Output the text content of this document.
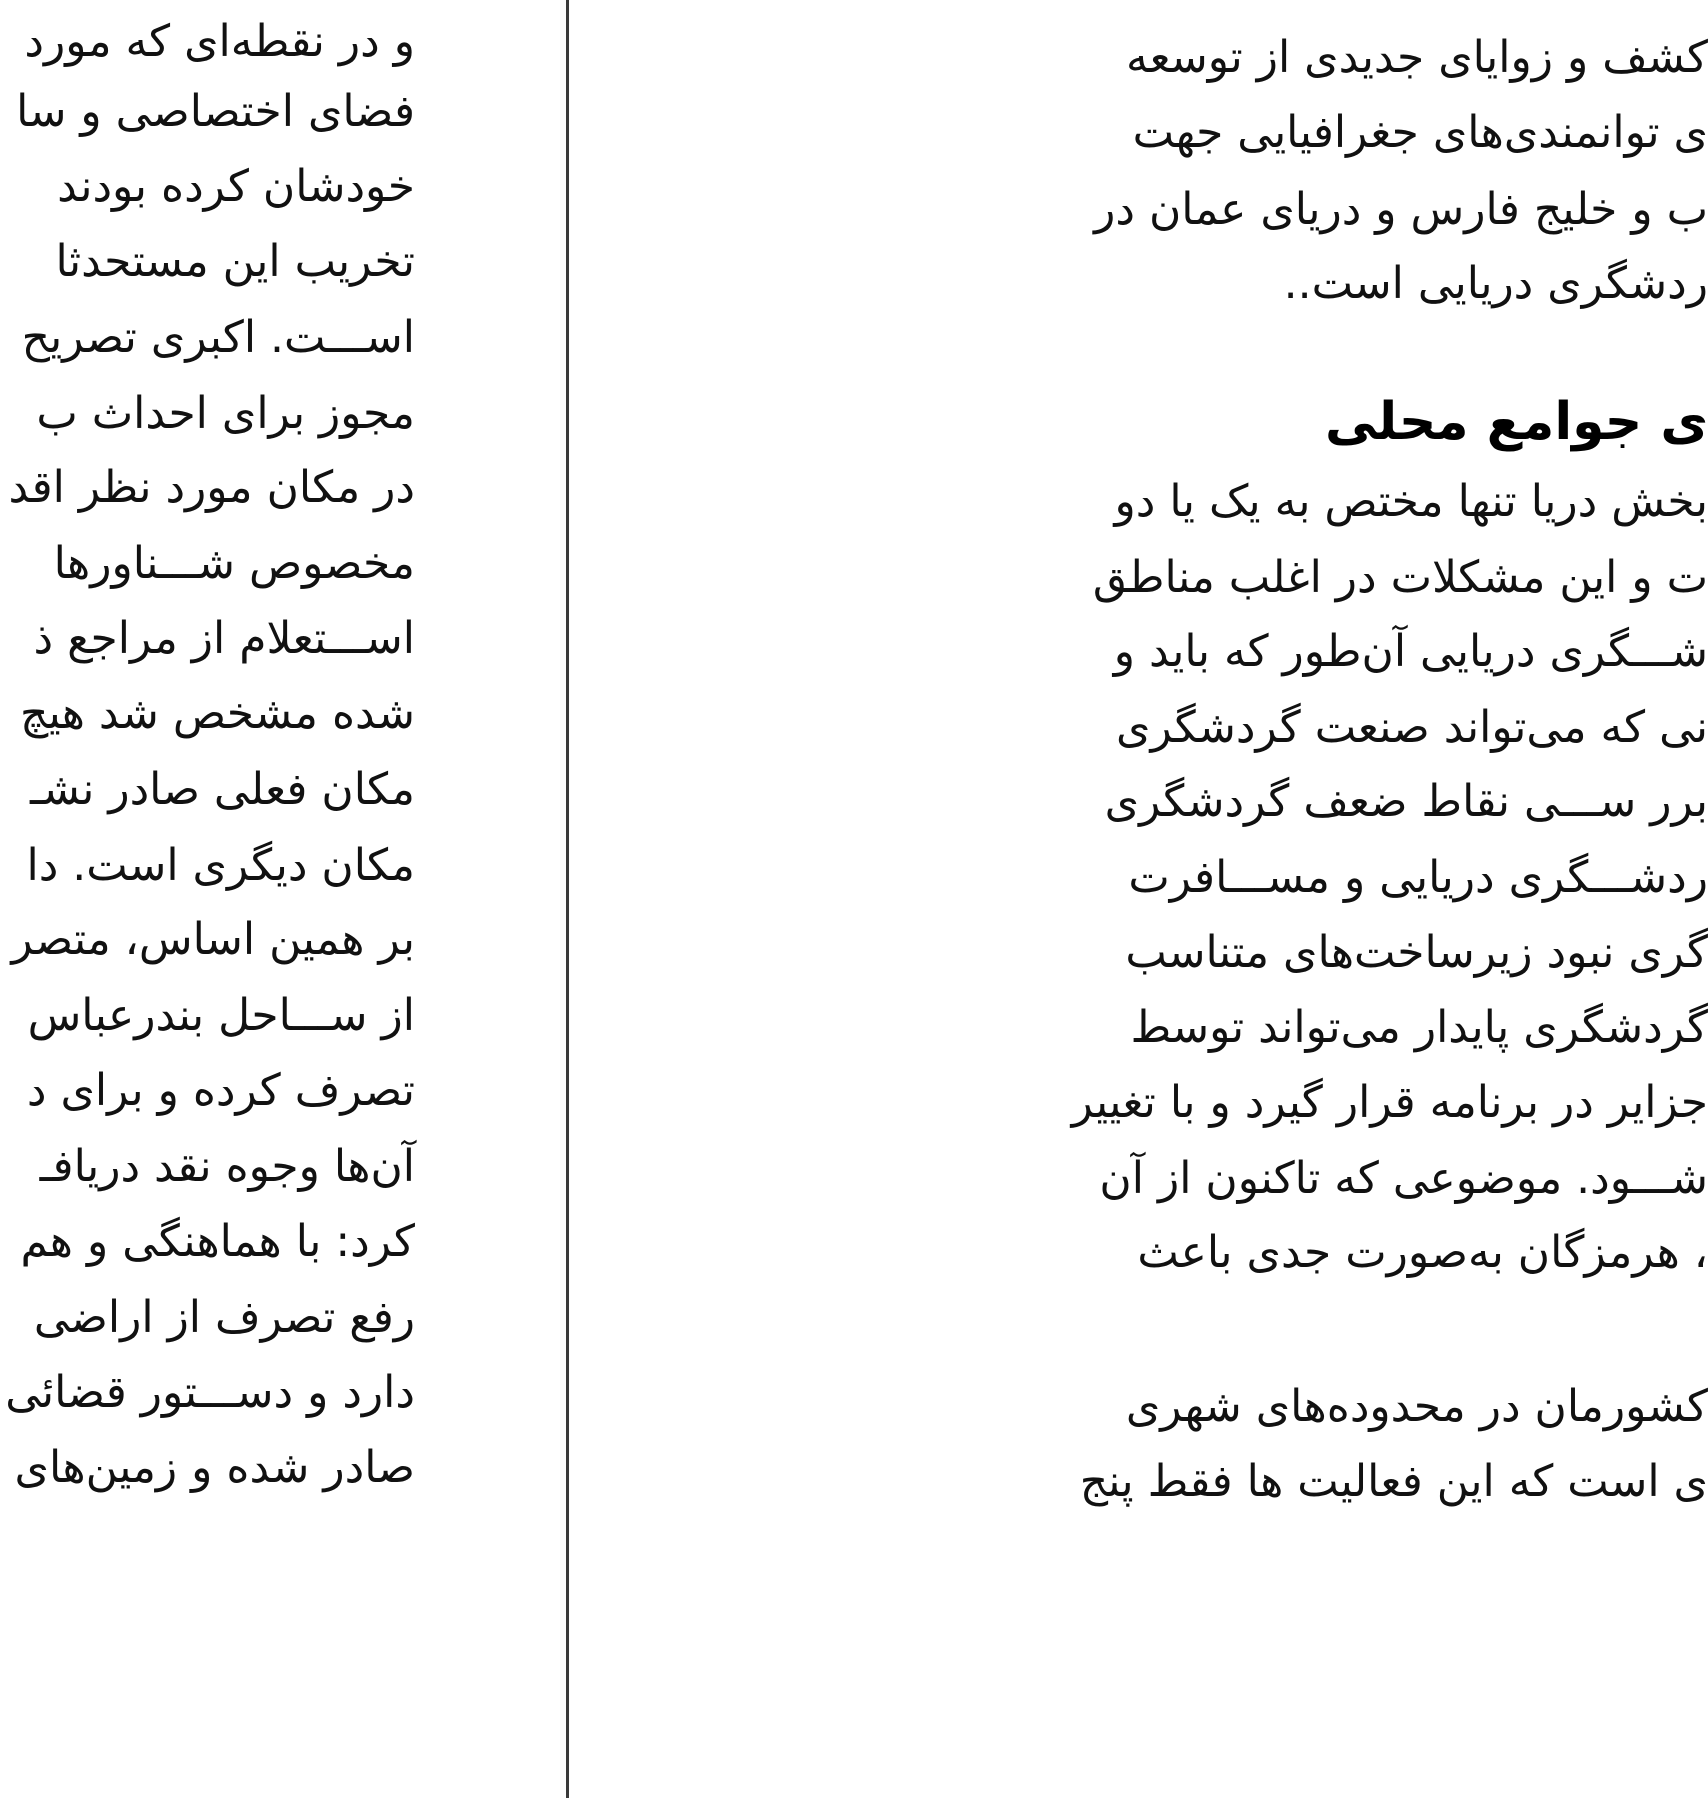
و در نقطه‌ای که مورد
فضای اختصاصی و سا
خودشان کرده بودند
تخریب این مستحدثا
اســـت. اکبری تصریح
مجوز برای احداث ب
در مکان مورد نظر اقد
مخصوص شـــناورها
اســـتعلام از مراجع ذ
شده مشخص شد هیچ
مکان فعلی صادر نشـ
مکان دیگری است. دا
بر همین اساس، متصر
از ســـاحل بندرعباس
تصرف کرده و برای د
آن‌ها وجوه نقد دریافـ
کرد: با هماهنگی و هم
رفع تصرف از اراضی
دارد و دســـتور قضائی
صادر شده و زمین‌های
کشف و زوایای جدیدی از توسعه
ی توانمندی‌های جغرافیایی جهت
ب و خلیج فارس و دریای عمان در
ردشگری دریایی است..
ی جوامع محلی
بخش دریا تنها مختص به یک یا دو
ت و این مشکلات در اغلب مناطق
شـــگری دریایی آن‌طور که باید و
نی که می‌تواند صنعت گردشگری
برر ســـی نقاط ضعف گردشگری
ردشـــگری دریایی و مســـافرت
گری نبود زیرساخت‌های متناسب
گردشگری پایدار می‌تواند توسط
جزایر در برنامه قرار گیرد و با تغییر
شـــود. موضوعی که تاکنون از آن
، هرمزگان به‌صورت جدی باعث
کشورمان در محدوده‌های شهری
ی است که این فعالیت ها فقط پنج
